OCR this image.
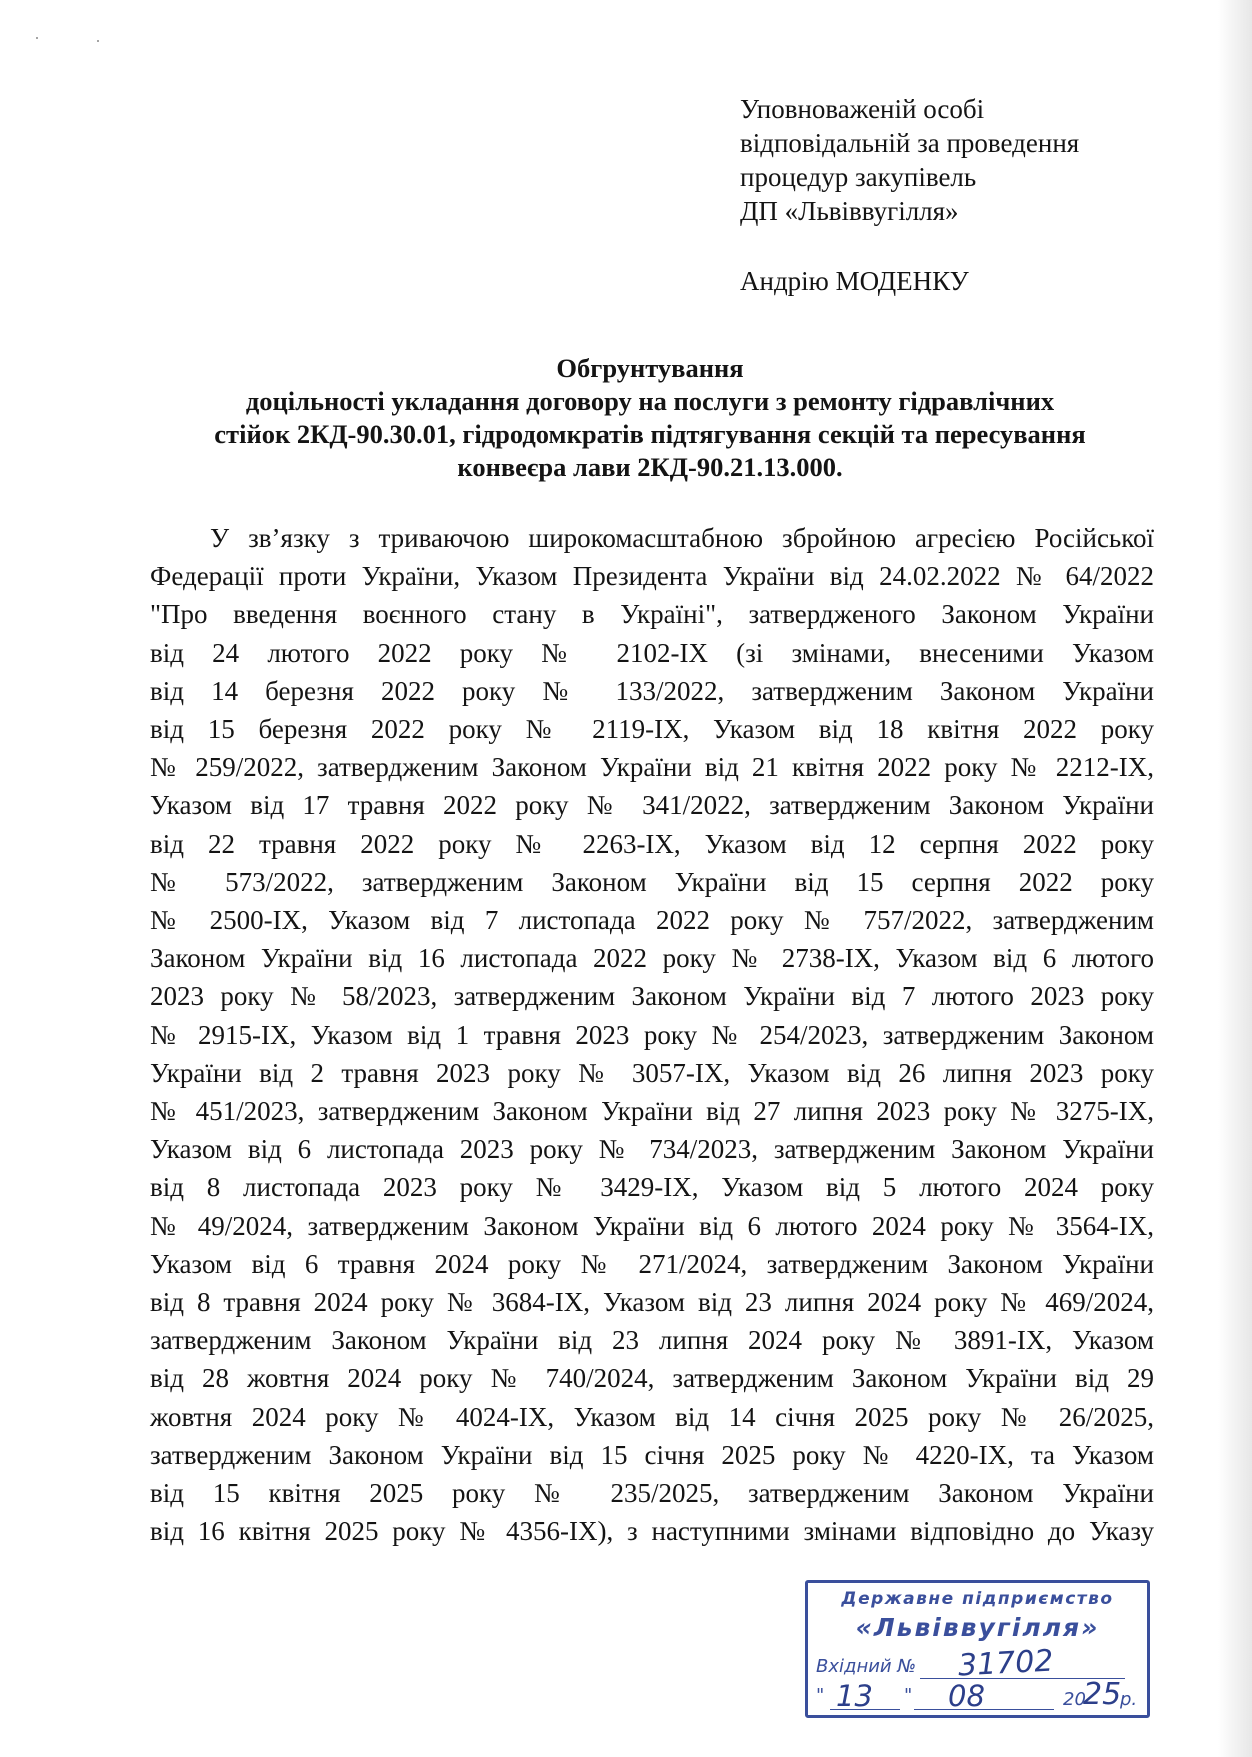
Уповноваженій особі
відповідальній за проведення
процедур закупівель
ДП «Львіввугілля»
Андрію МОДЕНКУ
Обгрунтування
доцільності укладання договору на послуги з ремонту гідравлічних
стійок 2КД-90.30.01, гідродомкратів підтягування секцій та пересування
конвеєра лави 2КД-90.21.13.000.
У зв’язку з триваючою широкомасштабною збройною агресією Російської
Федерації проти України, Указом Президента України від 24.02.2022 № 64/2022
"Про введення воєнного стану в Україні", затвердженого Законом України
від 24 лютого 2022 року № 2102-IX (зі змінами, внесеними Указом
від 14 березня 2022 року № 133/2022, затвердженим Законом України
від 15 березня 2022 року № 2119-IX, Указом від 18 квітня 2022 року
№ 259/2022, затвердженим Законом України від 21 квітня 2022 року № 2212-IX,
Указом від 17 травня 2022 року № 341/2022, затвердженим Законом України
від 22 травня 2022 року № 2263-IX, Указом від 12 серпня 2022 року
№ 573/2022, затвердженим Законом України від 15 серпня 2022 року
№ 2500-IX, Указом від 7 листопада 2022 року № 757/2022, затвердженим
Законом України від 16 листопада 2022 року № 2738-IX, Указом від 6 лютого
2023 року № 58/2023, затвердженим Законом України від 7 лютого 2023 року
№ 2915-IX, Указом від 1 травня 2023 року № 254/2023, затвердженим Законом
України від 2 травня 2023 року № 3057-IX, Указом від 26 липня 2023 року
№ 451/2023, затвердженим Законом України від 27 липня 2023 року № 3275-IX,
Указом від 6 листопада 2023 року № 734/2023, затвердженим Законом України
від 8 листопада 2023 року № 3429-IX, Указом від 5 лютого 2024 року
№ 49/2024, затвердженим Законом України від 6 лютого 2024 року № 3564-IX,
Указом від 6 травня 2024 року № 271/2024, затвердженим Законом України
від 8 травня 2024 року № 3684-IX, Указом від 23 липня 2024 року № 469/2024,
затвердженим Законом України від 23 липня 2024 року № 3891-IX, Указом
від 28 жовтня 2024 року № 740/2024, затвердженим Законом України від 29
жовтня 2024 року № 4024-IX, Указом від 14 січня 2025 року № 26/2025,
затвердженим Законом України від 15 січня 2025 року № 4220-IX, та Указом
від 15 квітня 2025 року № 235/2025, затвердженим Законом України
від 16 квітня 2025 року № 4356-IX), з наступними змінами відповідно до Указу
Державне підприємство
«Львіввугілля»
Вхідний № 31702
" 13 " 08	20
25
р.
